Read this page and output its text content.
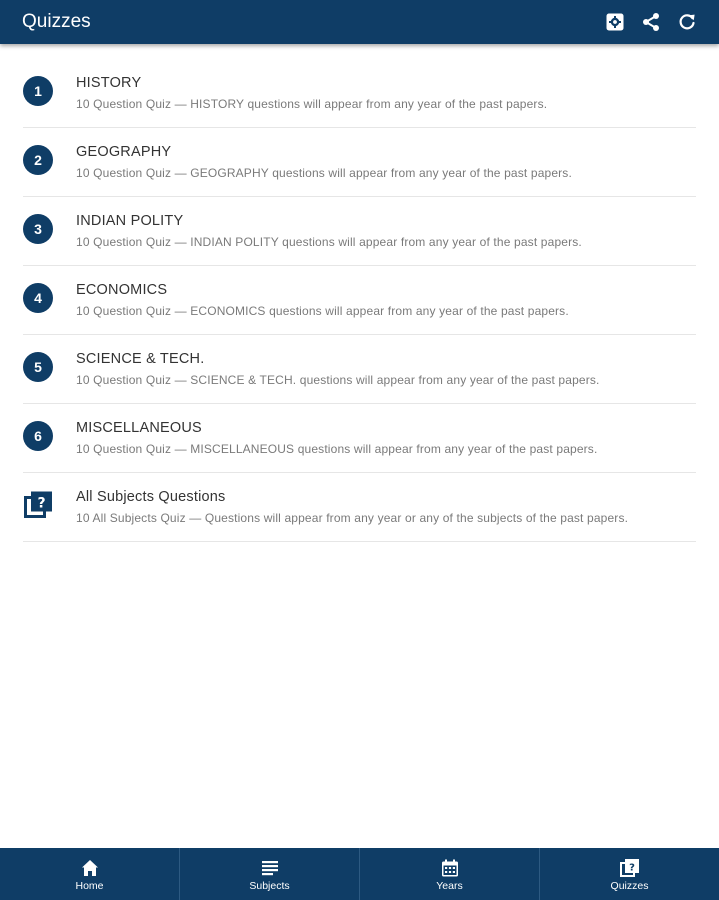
Quizzes
1	HISTORY
10 Question Quiz — HISTORY questions will appear from any year of the past papers.
2	GEOGRAPHY
10 Question Quiz — GEOGRAPHY questions will appear from any year of the past papers.
3	INDIAN POLITY
10 Question Quiz — INDIAN POLITY questions will appear from any year of the past papers.
4	ECONOMICS
10 Question Quiz — ECONOMICS questions will appear from any year of the past papers.
5	SCIENCE & TECH.
10 Question Quiz — SCIENCE & TECH. questions will appear from any year of the past papers.
6	MISCELLANEOUS
10 Question Quiz — MISCELLANEOUS questions will appear from any year of the past papers.
? All Subjects Questions
10 All Subjects Quiz — Questions will appear from any year or any of the subjects of the past papers.
Home	Subjects	Years
?
Quizzes
